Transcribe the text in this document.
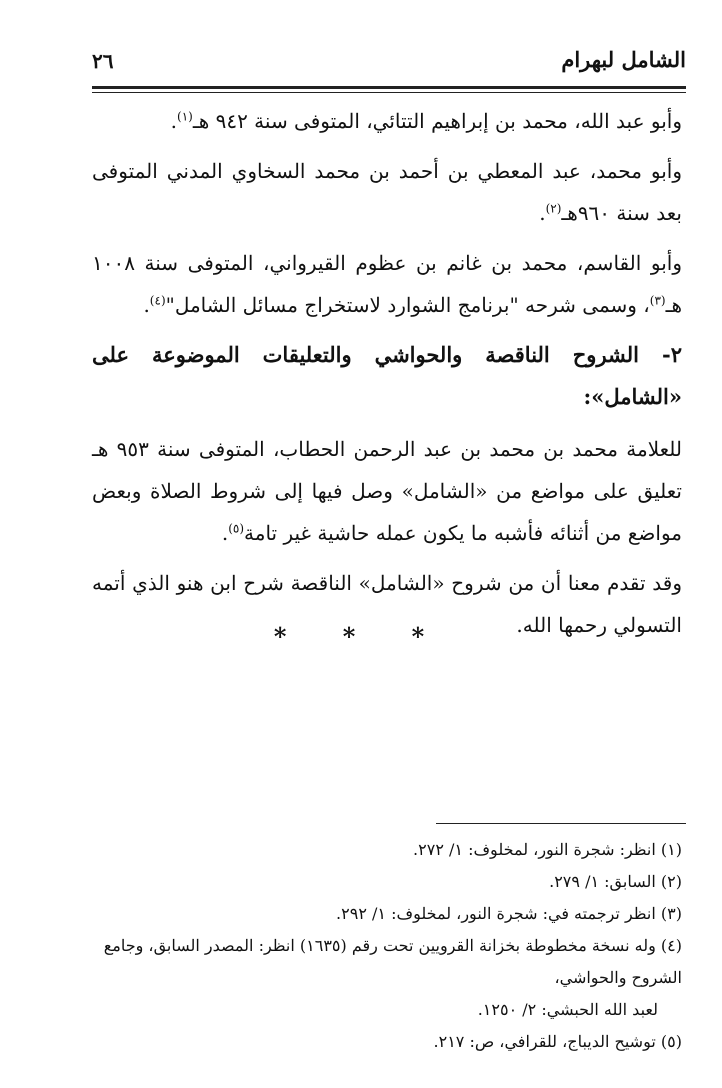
الشامل لبهرام
٢٦

وأبو عبد الله، محمد بن إبراهيم التتائي، المتوفى سنة ٩٤٢ هـ$^{(١)}$.

وأبو محمد، عبد المعطي بن أحمد بن محمد السخاوي المدني المتوفى بعد سنة ٩٦٠هـ$^{(٢)}$.

وأبو القاسم، محمد بن غانم بن عظوم القيرواني، المتوفى سنة ١٠٠٨ هـ$^{(٣)}$، وسمى شرحه "برنامج الشوارد لاستخراج مسائل الشامل"$^{(٤)}$.

٢- الشروح الناقصة والحواشي والتعليقات الموضوعة على «الشامل»:

للعلامة محمد بن محمد بن عبد الرحمن الحطاب، المتوفى سنة ٩٥٣ هـ تعليق على مواضع من «الشامل» وصل فيها إلى شروط الصلاة وبعض مواضع من أثنائه فأشبه ما يكون عمله حاشية غير تامة$^{(٥)}$.

وقد تقدم معنا أن من شروح «الشامل» الناقصة شرح ابن هنو الذي أتمه التسولي رحمها الله.

* * *

(١) انظر: شجرة النور، لمخلوف: ١/ ٢٧٢.

(٢) السابق: ١/ ٢٧٩.

(٣) انظر ترجمته في: شجرة النور، لمخلوف: ١/ ٢٩٢.

(٤) وله نسخة مخطوطة بخزانة القرويين تحت رقم (١٦٣٥) انظر: المصدر السابق، وجامع الشروح والحواشي،
لعبد الله الحبشي: ٢/ ١٢٥٠.

(٥) توشيح الديباج، للقرافي، ص: ٢١٧.
